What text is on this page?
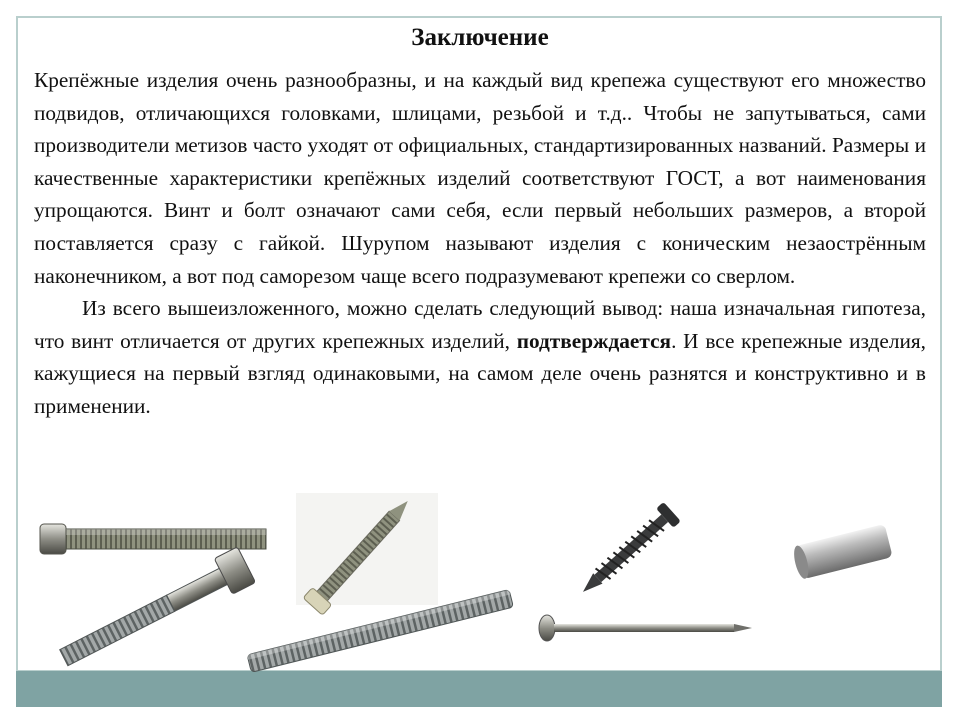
Заключение

Крепёжные изделия очень разнообразны, и на каждый вид крепежа существуют его множество подвидов, отличающихся головками, шлицами, резьбой и т.д.. Чтобы не запутываться, сами производители метизов часто уходят от официальных, стандартизированных названий. Размеры и качественные характеристики крепёжных изделий соответствуют ГОСТ, а вот наименования упрощаются. Винт и болт означают сами себя, если первый небольших размеров, а второй поставляется сразу с гайкой. Шурупом называют изделия с коническим незаострённым наконечником, а вот под саморезом чаще всего подразумевают крепежи со сверлом.

Из всего вышеизложенного, можно сделать следующий вывод: наша изначальная гипотеза, что винт отличается от других крепежных изделий, подтверждается. И все крепежные изделия, кажущиеся на первый взгляд одинаковыми, на самом деле очень разнятся и конструктивно и в применении.
